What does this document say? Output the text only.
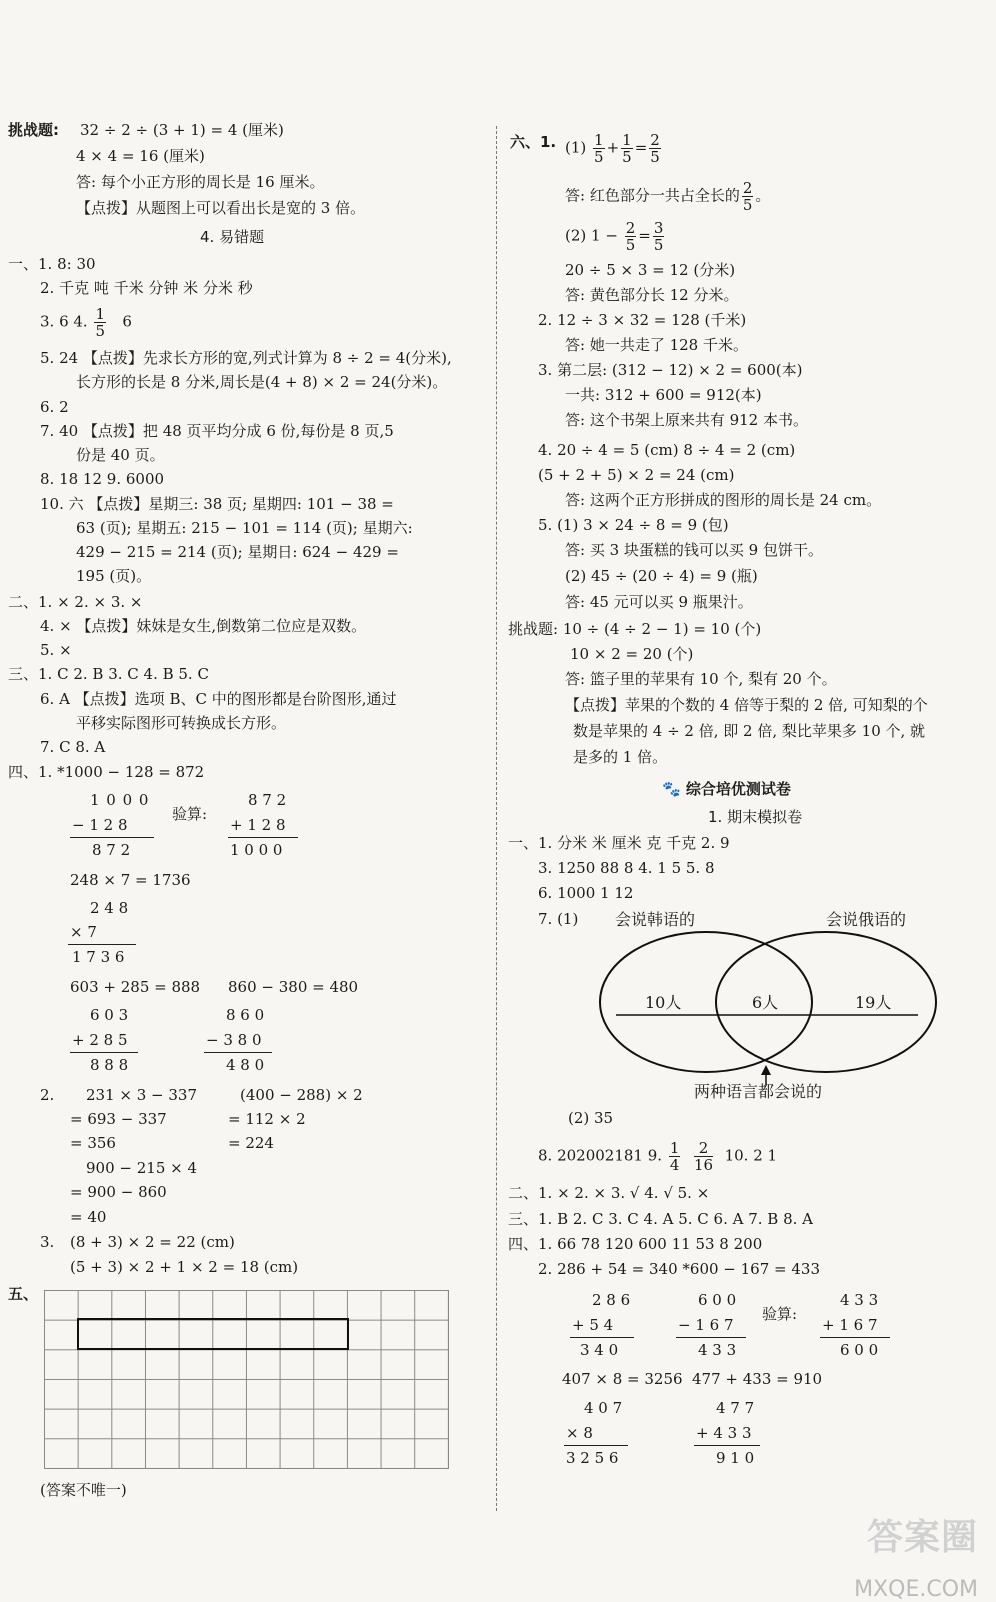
挑战题: 32 ÷ 2 ÷ (3 + 1) = 4 (厘米)
4 × 4 = 16 (厘米)
答: 每个小正方形的周长是 16 厘米。
【点拨】从题图上可以看出长是宽的 3 倍。
4. 易错题
一、1. 8: 30
2. 千克 吨 千米 分钟 米 分米 秒
3. 6 4. $\frac{1}{5} 6$
5. 24 【点拨】先求长方形的宽,列式计算为 8 ÷ 2 = 4(分米),
长方形的长是 8 分米,周长是(4 + 8) × 2 = 24(分米)。
6. 2
7. 40 【点拨】把 48 页平均分成 6 份,每份是 8 页,5
份是 40 页。
8. 18 12 9. 6000
10. 六 【点拨】星期三: 38 页; 星期四: 101 − 38 =
63 (页); 星期五: 215 − 101 = 114 (页); 星期六:
429 − 215 = 214 (页); 星期日: 624 − 429 =
195 (页)。
二、1. × 2. × 3. ×
4. × 【点拨】妹妹是女生,倒数第二位应是双数。
5. ×
三、1. C 2. B 3. C 4. B 5. C
6. A 【点拨】选项 B、C 中的图形都是台阶图形,通过
平移实际图形可转换成长方形。
7. C 8. A
四、1. *1000 − 128 = 872
1 0 0 0
− 1 2 8
8 7 2
验算:
8 7 2
+ 1 2 8
1 0 0 0
248 × 7 = 1736
2 4 8
× 7
1 7 3 6
603 + 285 = 888 860 − 380 = 480
6 0 3
+ 2 8 5
8 8 8
8 6 0
− 3 8 0
4 8 0
2. 231 × 3 − 337
= 693 − 337
= 356
(400 − 288) × 2
= 112 × 2
= 224
900 − 215 × 4
= 900 − 860
= 40
3. (8 + 3) × 2 = 22 (cm)
(5 + 3) × 2 + 1 × 2 = 18 (cm)
五、
(答案不唯一)
六、1. $(1) \frac{1}{5} + \frac{1}{5} = \frac{2}{5}$
答: 红色部分一共占全长的 $\frac{2}{5}$ 。
(2) $1 - \frac{2}{5} = \frac{3}{5}$
20 ÷ 5 × 3 = 12 (分米)
答: 黄色部分长 12 分米。
2. 12 ÷ 3 × 32 = 128 (千米)
答: 她一共走了 128 千米。
3. 第二层: (312 − 12) × 2 = 600(本)
一共: 312 + 600 = 912(本)
答: 这个书架上原来共有 912 本书。
4. 20 ÷ 4 = 5 (cm) 8 ÷ 4 = 2 (cm)
(5 + 2 + 5) × 2 = 24 (cm)
答: 这两个正方形拼成的图形的周长是 24 cm。
5. (1) 3 × 24 ÷ 8 = 9 (包)
答: 买 3 块蛋糕的钱可以买 9 包饼干。
(2) 45 ÷ (20 ÷ 4) = 9 (瓶)
答: 45 元可以买 9 瓶果汁。
挑战题: 10 ÷ (4 ÷ 2 − 1) = 10 (个)
10 × 2 = 20 (个)
答: 篮子里的苹果有 10 个, 梨有 20 个。
【点拨】苹果的个数的 4 倍等于梨的 2 倍, 可知梨的个
数是苹果的 4 ÷ 2 倍, 即 2 倍, 梨比苹果多 10 个, 就
是多的 1 倍。
🐾 综合培优测试卷
1. 期末模拟卷
一、1. 分米 米 厘米 克 千克 2. 9
3. 1250 88 8 4. 1 5 5. 8
6. 1000 1 12
7. (1) 会说韩语的	会说俄语的
10人	6人	19人
两种语言都会说的
(2) 35
8. 202002181 9. $\frac{1}{4}$
$\frac{2}{16} 10$. 2 1
二、1. × 2. × 3. √ 4. √ 5. ×
三、1. B 2. C 3. C 4. A 5. C 6. A 7. B 8. A
四、1. 66 78 120 600 11 53 8 200
2. 286 + 54 = 340 *600 − 167 = 433
2 8 6
+ 5 4
3 4 0
6 0 0
− 1 6 7
4 3 3
验算:
4 3 3
+ 1 6 7
6 0 0
407 × 8 = 3256 477 + 433 = 910
4 0 7
× 8
3 2 5 6
4 7 7
+ 4 3 3
9 1 0
答案圈
MXQE.COM
